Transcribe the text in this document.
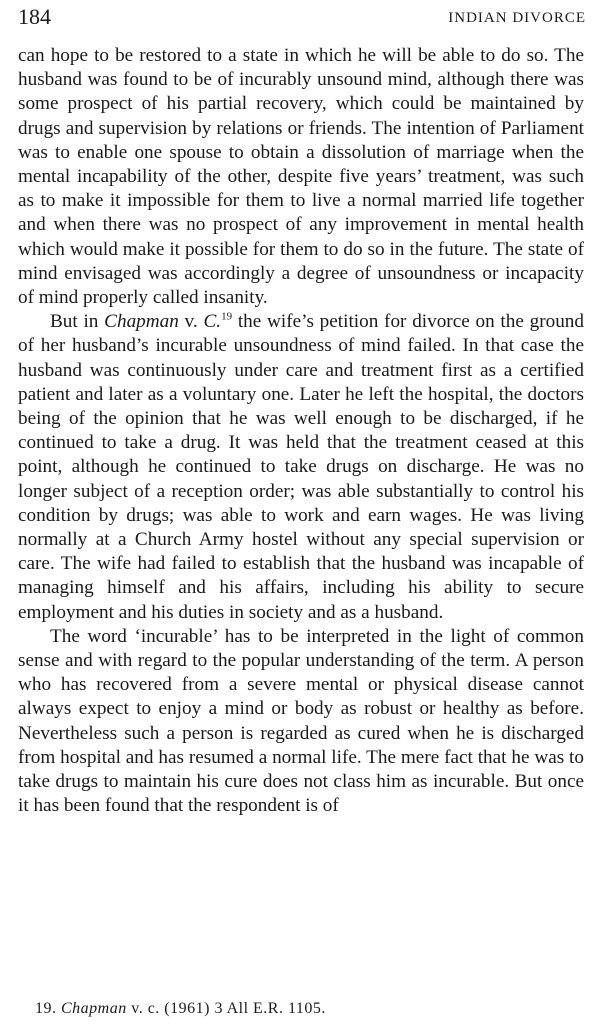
184	INDIAN DIVORCE

can hope to be restored to a state in which he will be able to do so. The husband was found to be of incurably unsound mind, although there was some prospect of his partial recovery, which could be maintained by drugs and supervision by relations or friends. The intention of Parliament was to enable one spouse to obtain a dissolution of marriage when the mental incapability of the other, despite five years’ treatment, was such as to make it impossible for them to live a normal married life together and when there was no prospect of any improvement in mental health which would make it possible for them to do so in the future. The state of mind envisaged was accordingly a degree of unsoundness or incapacity of mind properly called insanity.

But in Chapman v. C.$^{19}$ the wife’s petition for divorce on the ground of her husband’s incurable unsoundness of mind failed. In that case the husband was continuously under care and treatment first as a certified patient and later as a voluntary one. Later he left the hospital, the doctors being of the opinion that he was well enough to be discharged, if he continued to take a drug. It was held that the treatment ceased at this point, although he continued to take drugs on discharge. He was no longer subject of a reception order; was able substantially to control his condition by drugs; was able to work and earn wages. He was living normally at a Church Army hostel without any special supervision or care. The wife had failed to establish that the husband was incapable of managing himself and his affairs, including his ability to secure employment and his duties in society and as a husband.

The word ‘incurable’ has to be interpreted in the light of common sense and with regard to the popular understanding of the term. A person who has recovered from a severe mental or physical disease cannot always expect to enjoy a mind or body as robust or healthy as before. Nevertheless such a person is regarded as cured when he is discharged from hospital and has resumed a normal life. The mere fact that he was to take drugs to maintain his cure does not class him as incurable. But once it has been found that the respondent is of

19. Chapman v. c. (1961) 3 All E.R. 1105.
